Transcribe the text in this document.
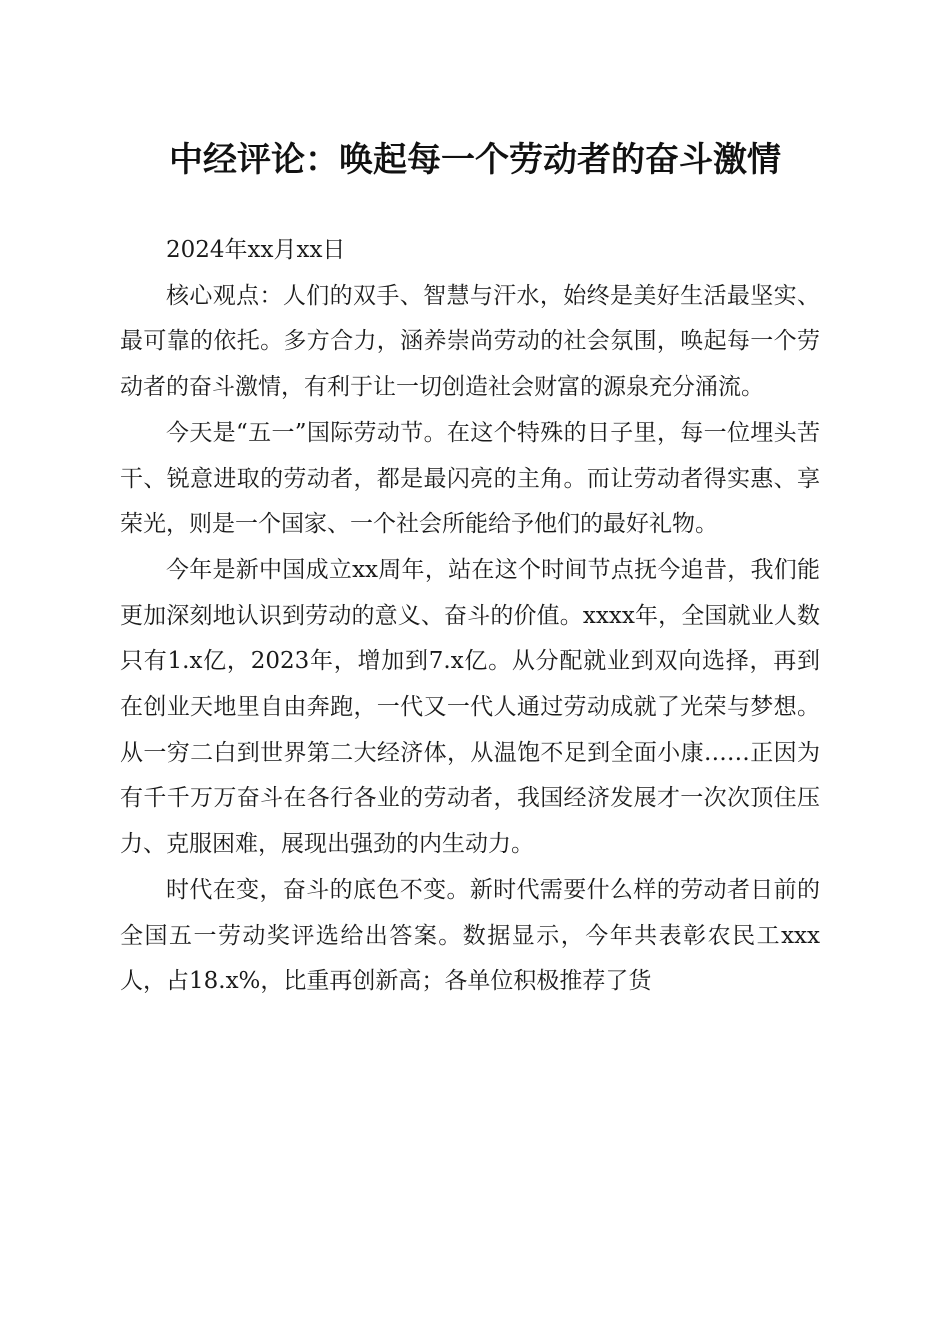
中经评论：唤起每一个劳动者的奋斗激情

2024年xx月xx日

核心观点：人们的双手、智慧与汗水，始终是美好生活最坚实、最可靠的依托。多方合力，涵养崇尚劳动的社会氛围，唤起每一个劳动者的奋斗激情，有利于让一切创造社会财富的源泉充分涌流。

今天是“五一”国际劳动节。在这个特殊的日子里，每一位埋头苦干、锐意进取的劳动者，都是最闪亮的主角。而让劳动者得实惠、享荣光，则是一个国家、一个社会所能给予他们的最好礼物。

今年是新中国成立xx周年，站在这个时间节点抚今追昔，我们能更加深刻地认识到劳动的意义、奋斗的价值。xxxx年，全国就业人数只有1.x亿，2023年，增加到7.x亿。从分配就业到双向选择，再到在创业天地里自由奔跑，一代又一代人通过劳动成就了光荣与梦想。从一穷二白到世界第二大经济体，从温饱不足到全面小康……正因为有千千万万奋斗在各行各业的劳动者，我国经济发展才一次次顶住压力、克服困难，展现出强劲的内生动力。

时代在变，奋斗的底色不变。新时代需要什么样的劳动者日前的全国五一劳动奖评选给出答案。数据显示，今年共表彰农民工xxx人，占18.x%，比重再创新高；各单位积极推荐了货
